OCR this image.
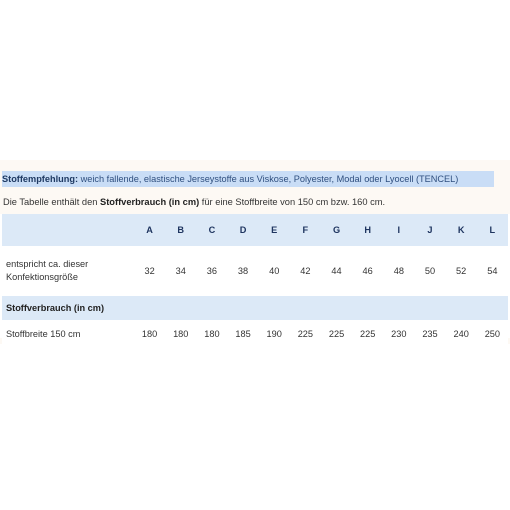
Stoffempfehlung: weich fallende, elastische Jerseystoffe aus Viskose, Polyester, Modal oder Lyocell (TENCEL)
Die Tabelle enthält den Stoffverbrauch (in cm) für eine Stoffbreite von 150 cm bzw. 160 cm.
	A	B	C	D	E	F	G	H	I	J	K	L

entspricht ca. dieser
Konfektionsgröße	32	34	36	38	40	42	44	46	48	50	52	54
Stoffverbrauch (in cm)												
Stoffbreite 150 cm	180	180	180	185	190	225	225	225	230	235	240	250
